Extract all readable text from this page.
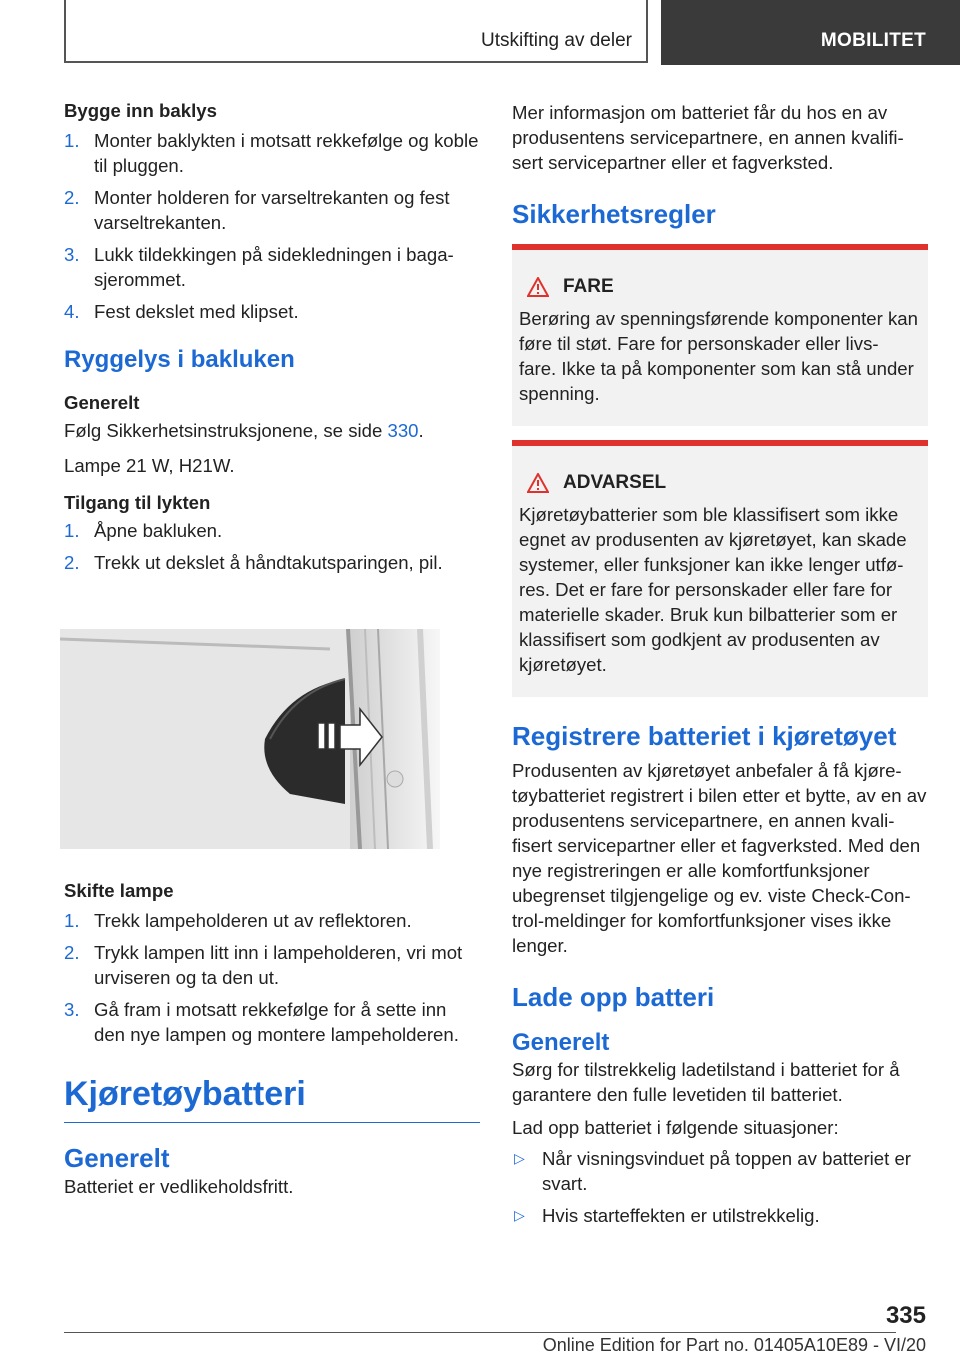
Utskifting av deler	MOBILITET
Bygge inn baklys
1. Monter baklykten i motsatt rekkefølge og koble til pluggen.
2. Monter holderen for varseltrekanten og fest varseltrekanten.
3. Lukk tildekkingen på sidekledningen i baga- sjerommet.
4. Fest dekslet med klipset.
Ryggelys i bakluken
Generelt

Følg Sikkerhetsinstruksjonene, se side 330.

Lampe 21 W, H21W.

Tilgang til lykten
1. Åpne bakluken.
2. Trekk ut dekslet å håndtakutsparingen, pil.
Skifte lampe
1. Trekk lampeholderen ut av reflektoren.
2. Trykk lampen litt inn i lampeholderen, vri mot urviseren og ta den ut.
3. Gå fram i motsatt rekkefølge for å sette inn den nye lampen og montere lampeholderen.
Kjøretøybatteri
Generelt

Batteriet er vedlikeholdsfritt.

Mer informasjon om batteriet får du hos en av produsentens servicepartnere, en annen kvalifi- sert servicepartner eller et fagverksted.

Sikkerhetsregler
FARE

Berøring av spenningsførende komponenter kan føre til støt. Fare for personskader eller livs- fare. Ikke ta på komponenter som kan stå under spenning.

ADVARSEL

Kjøretøybatterier som ble klassifisert som ikke egnet av produsenten av kjøretøyet, kan skade systemer, eller funksjoner kan ikke lenger utfø- res. Det er fare for personskader eller fare for materielle skader. Bruk kun bilbatterier som er klassifisert som godkjent av produsenten av kjøretøyet.

Registrere batteriet i kjøretøyet

Produsenten av kjøretøyet anbefaler å få kjøre- tøybatteriet registrert i bilen etter et bytte, av en av produsentens servicepartnere, en annen kvali- fisert servicepartner eller et fagverksted. Med den nye registreringen er alle komfortfunksjoner ubegrenset tilgjengelige og ev. viste Check-Con- trol-meldinger for komfortfunksjoner vises ikke lenger.

Lade opp batteri
Generelt

Sørg for tilstrekkelig ladetilstand i batteriet for å garantere den fulle levetiden til batteriet.

Lad opp batteriet i følgende situasjoner:

▷ Når visningsvinduet på toppen av batteriet er svart.
▷ Hvis starteffekten er utilstrekkelig.
335
Online Edition for Part no. 01405A10E89 - VI/20
